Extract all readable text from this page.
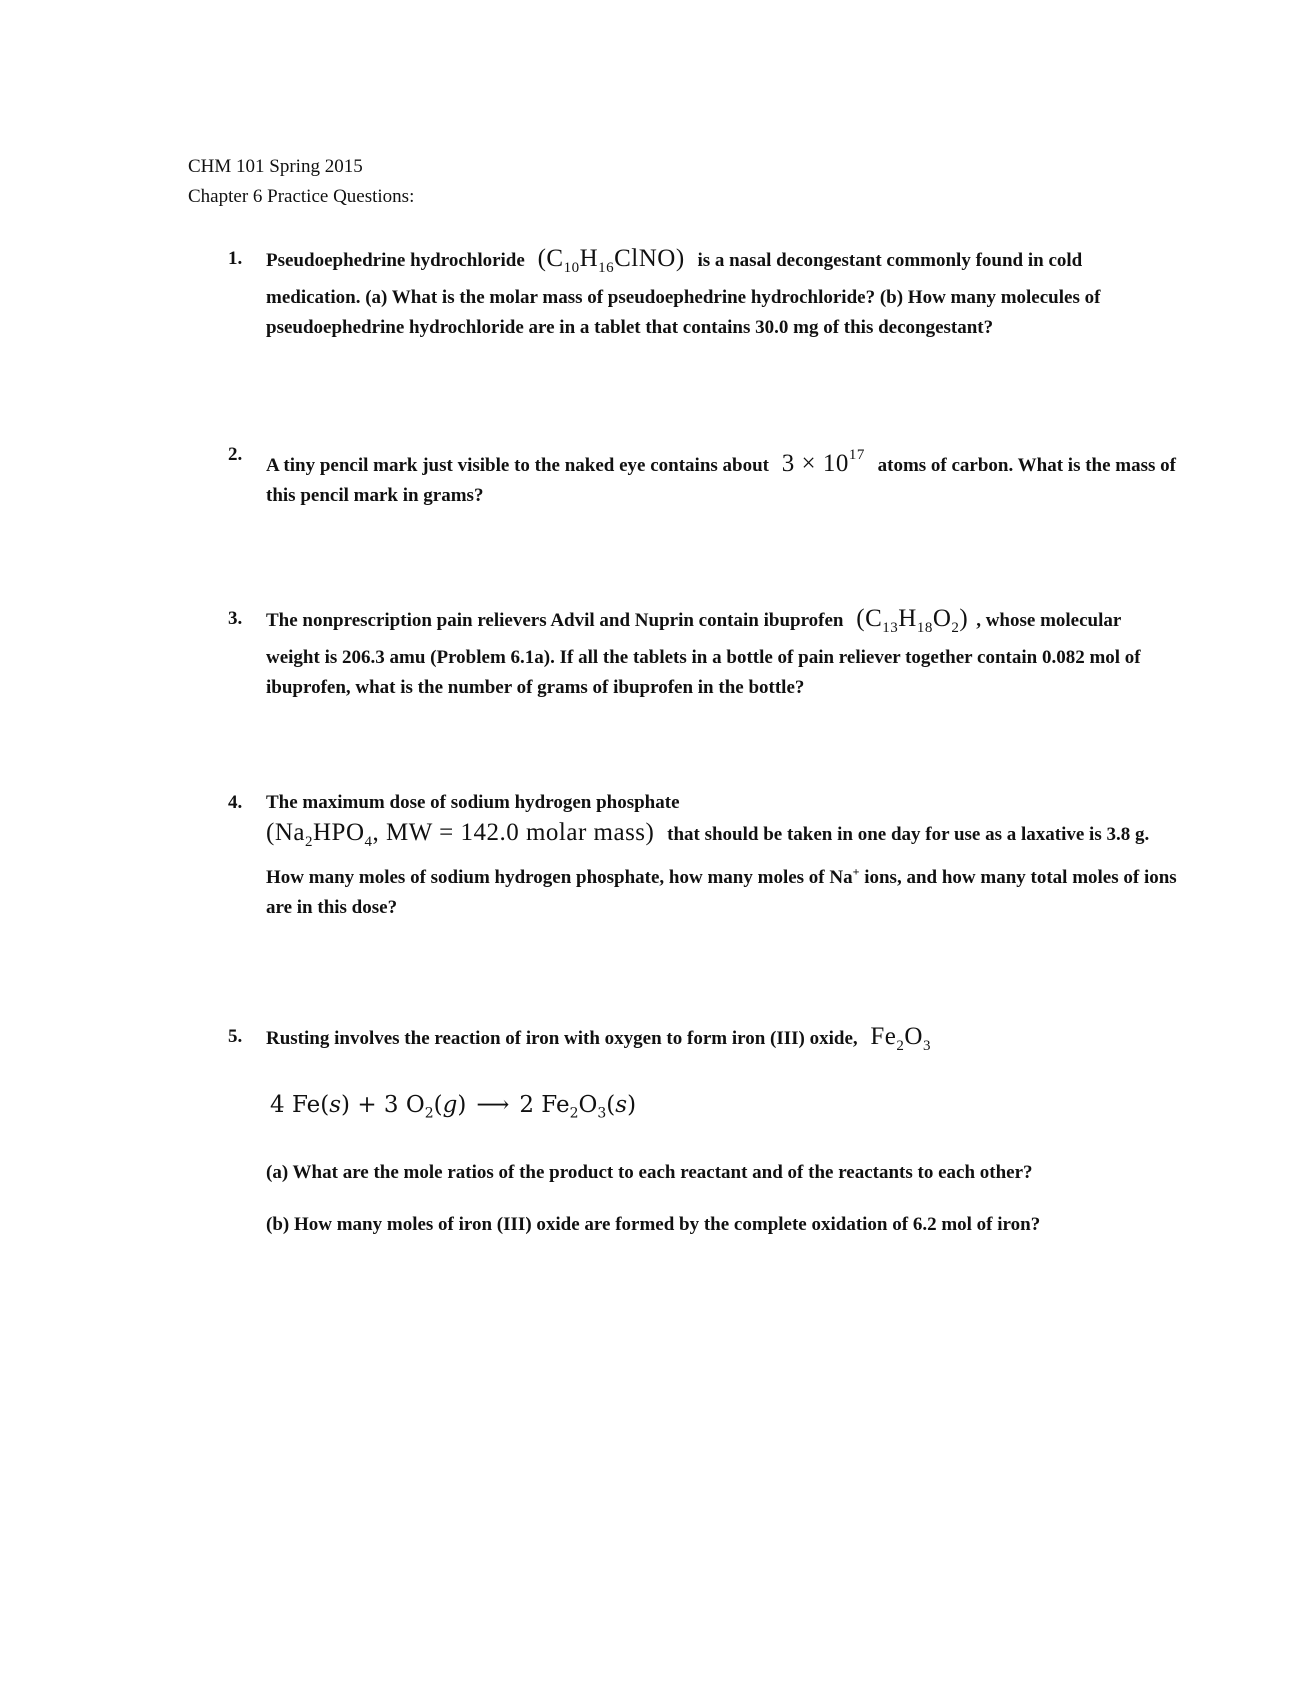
CHM 101 Spring 2015
Chapter 6 Practice Questions:
1. Pseudoephedrine hydrochloride $(C_{10}H_{16}ClNO)$ is a nasal decongestant commonly found in cold medication. (a) What is the molar mass of pseudoephedrine hydrochloride? (b) How many molecules of pseudoephedrine hydrochloride are in a tablet that contains 30.0 mg of this decongestant?
2.
A tiny pencil mark just visible to the naked eye contains about $3 \times 10^{17}$ atoms of carbon. What is the mass of this pencil mark in grams?
3. The nonprescription pain relievers Advil and Nuprin contain ibuprofen $(C_{13}H_{18}O_2)$ , whose molecular weight is 206.3 amu (Problem 6.1a). If all the tablets in a bottle of pain reliever together contain 0.082 mol of ibuprofen, what is the number of grams of ibuprofen in the bottle?
4. The maximum dose of sodium hydrogen phosphate
($Na_2HPO_4$, MW = 142.0 molar mass) that should be taken in one day for use as a laxative is 3.8 g. How many moles of sodium hydrogen phosphate, how many moles of Na+ ions, and how many total moles of ions are in this dose?
5. Rusting involves the reaction of iron with oxygen to form iron (III) oxide, $Fe_2O_3$
4 Fe(s) + 3 $O_2(g)$ ⟶ 2 $Fe_2O_3(s)$
(a) What are the mole ratios of the product to each reactant and of the reactants to each other?
(b) How many moles of iron (III) oxide are formed by the complete oxidation of 6.2 mol of iron?
